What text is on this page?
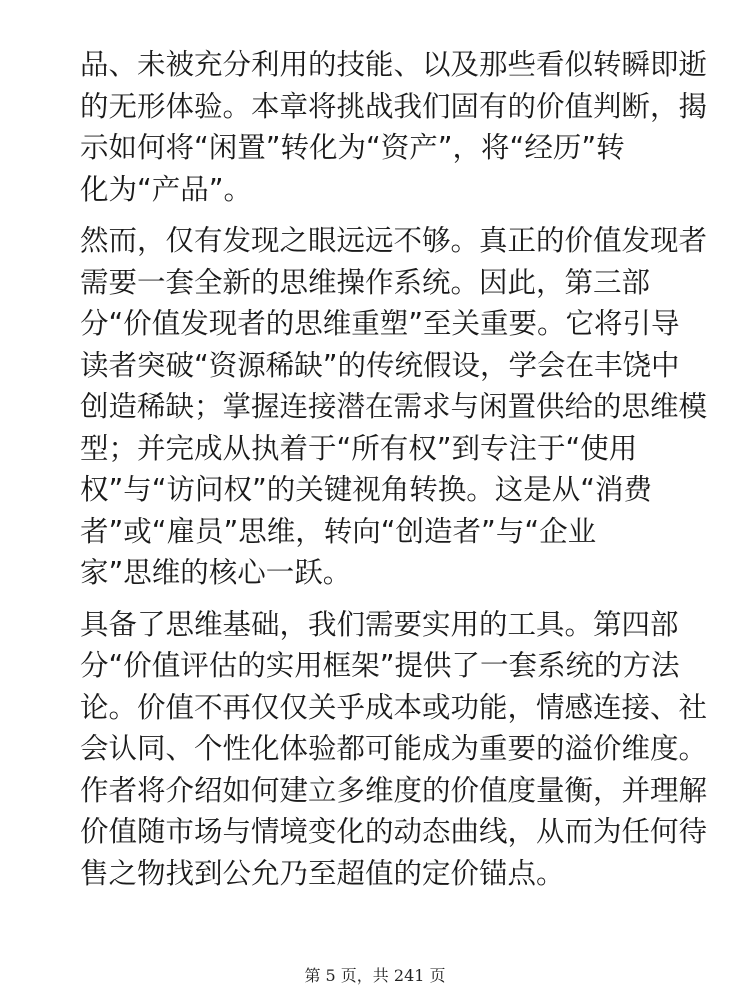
品、未被充分利用的技能、以及那些看似转瞬即逝
的无形体验。本章将挑战我们固有的价值判断，揭
示如何将“闲置”转化为“资产”，将“经历”转
化为“产品”。

然而，仅有发现之眼远远不够。真正的价值发现者
需要一套全新的思维操作系统。因此，第三部
分“价值发现者的思维重塑”至关重要。它将引导
读者突破“资源稀缺”的传统假设，学会在丰饶中
创造稀缺；掌握连接潜在需求与闲置供给的思维模
型；并完成从执着于“所有权”到专注于“使用
权”与“访问权”的关键视角转换。这是从“消费
者”或“雇员”思维，转向“创造者”与“企业
家”思维的核心一跃。

具备了思维基础，我们需要实用的工具。第四部
分“价值评估的实用框架”提供了一套系统的方法
论。价值不再仅仅关乎成本或功能，情感连接、社
会认同、个性化体验都可能成为重要的溢价维度。
作者将介绍如何建立多维度的价值度量衡，并理解
价值随市场与情境变化的动态曲线，从而为任何待
售之物找到公允乃至超值的定价锚点。

第 5 页，共 241 页
